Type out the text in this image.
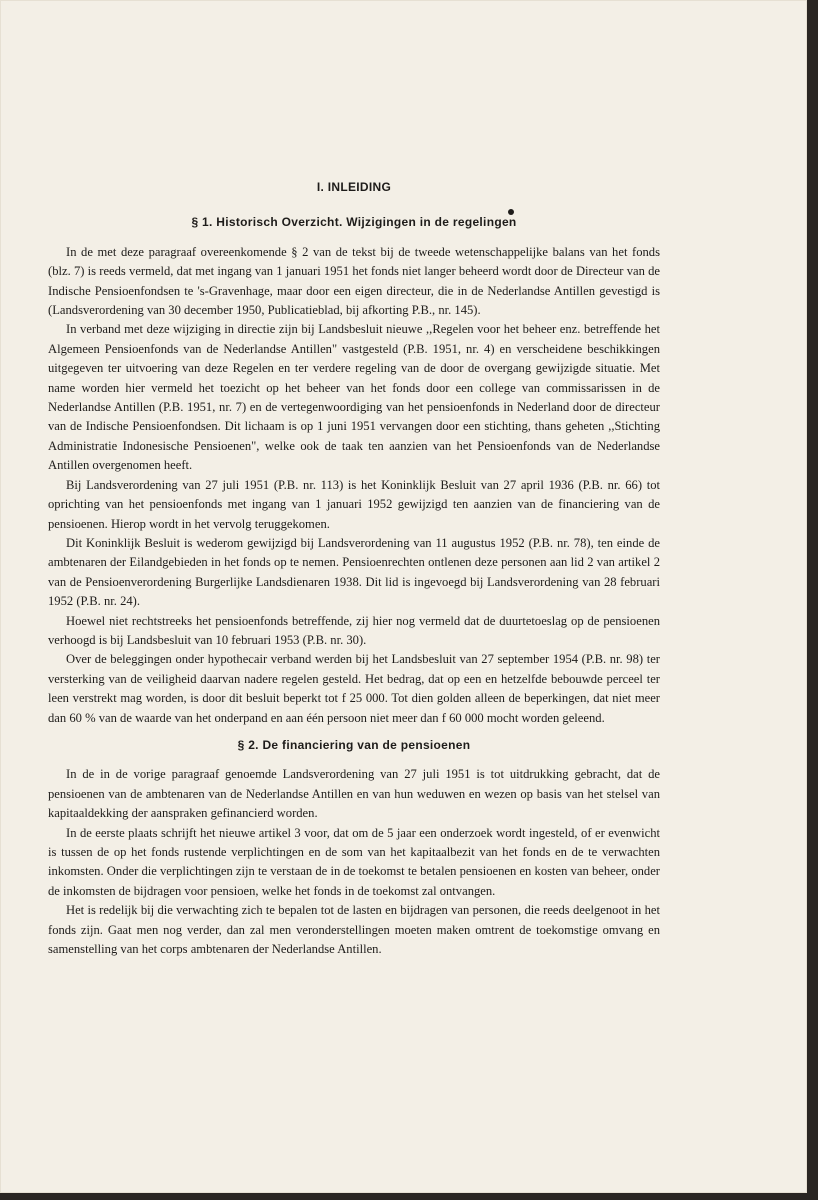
I. INLEIDING
§ 1. Historisch Overzicht. Wijzigingen in de regelingen

In de met deze paragraaf overeenkomende § 2 van de tekst bij de tweede wetenschappelijke balans van het fonds (blz. 7) is reeds vermeld, dat met ingang van 1 januari 1951 het fonds niet langer beheerd wordt door de Directeur van de Indische Pensioenfondsen te 's-Gravenhage, maar door een eigen directeur, die in de Nederlandse Antillen gevestigd is (Landsverordening van 30 december 1950, Publicatieblad, bij afkorting P.B., nr. 145).

In verband met deze wijziging in directie zijn bij Landsbesluit nieuwe ,,Regelen voor het beheer enz. betreffende het Algemeen Pensioenfonds van de Nederlandse Antillen" vastgesteld (P.B. 1951, nr. 4) en verscheidene beschikkingen uitgegeven ter uitvoering van deze Regelen en ter verdere regeling van de door de overgang gewijzigde situatie. Met name worden hier vermeld het toezicht op het beheer van het fonds door een college van commissarissen in de Nederlandse Antillen (P.B. 1951, nr. 7) en de vertegenwoordiging van het pensioenfonds in Nederland door de directeur van de Indische Pensioenfondsen. Dit lichaam is op 1 juni 1951 vervangen door een stichting, thans geheten ,,Stichting Administratie Indonesische Pensioenen", welke ook de taak ten aanzien van het Pensioenfonds van de Nederlandse Antillen overgenomen heeft.

Bij Landsverordening van 27 juli 1951 (P.B. nr. 113) is het Koninklijk Besluit van 27 april 1936 (P.B. nr. 66) tot oprichting van het pensioenfonds met ingang van 1 januari 1952 gewijzigd ten aanzien van de financiering van de pensioenen. Hierop wordt in het vervolg teruggekomen.

Dit Koninklijk Besluit is wederom gewijzigd bij Landsverordening van 11 augustus 1952 (P.B. nr. 78), ten einde de ambtenaren der Eilandgebieden in het fonds op te nemen. Pensioenrechten ontlenen deze personen aan lid 2 van artikel 2 van de Pensioenverordening Burgerlijke Landsdienaren 1938. Dit lid is ingevoegd bij Landsverordening van 28 februari 1952 (P.B. nr. 24).

Hoewel niet rechtstreeks het pensioenfonds betreffende, zij hier nog vermeld dat de duurtetoeslag op de pensioenen verhoogd is bij Landsbesluit van 10 februari 1953 (P.B. nr. 30).

Over de beleggingen onder hypothecair verband werden bij het Landsbesluit van 27 september 1954 (P.B. nr. 98) ter versterking van de veiligheid daarvan nadere regelen gesteld. Het bedrag, dat op een en hetzelfde bebouwde perceel ter leen verstrekt mag worden, is door dit besluit beperkt tot f 25 000. Tot dien golden alleen de beperkingen, dat niet meer dan 60 % van de waarde van het onderpand en aan één persoon niet meer dan f 60 000 mocht worden geleend.

§ 2. De financiering van de pensioenen

In de in de vorige paragraaf genoemde Landsverordening van 27 juli 1951 is tot uitdrukking gebracht, dat de pensioenen van de ambtenaren van de Nederlandse Antillen en van hun weduwen en wezen op basis van het stelsel van kapitaaldekking der aanspraken gefinancierd worden.

In de eerste plaats schrijft het nieuwe artikel 3 voor, dat om de 5 jaar een onderzoek wordt ingesteld, of er evenwicht is tussen de op het fonds rustende verplichtingen en de som van het kapitaalbezit van het fonds en de te verwachten inkomsten. Onder die verplichtingen zijn te verstaan de in de toekomst te betalen pensioenen en kosten van beheer, onder de inkomsten de bijdragen voor pensioen, welke het fonds in de toekomst zal ontvangen.

Het is redelijk bij die verwachting zich te bepalen tot de lasten en bijdragen van personen, die reeds deelgenoot in het fonds zijn. Gaat men nog verder, dan zal men veronderstellingen moeten maken omtrent de toekomstige omvang en samenstelling van het corps ambtenaren der Nederlandse Antillen.
